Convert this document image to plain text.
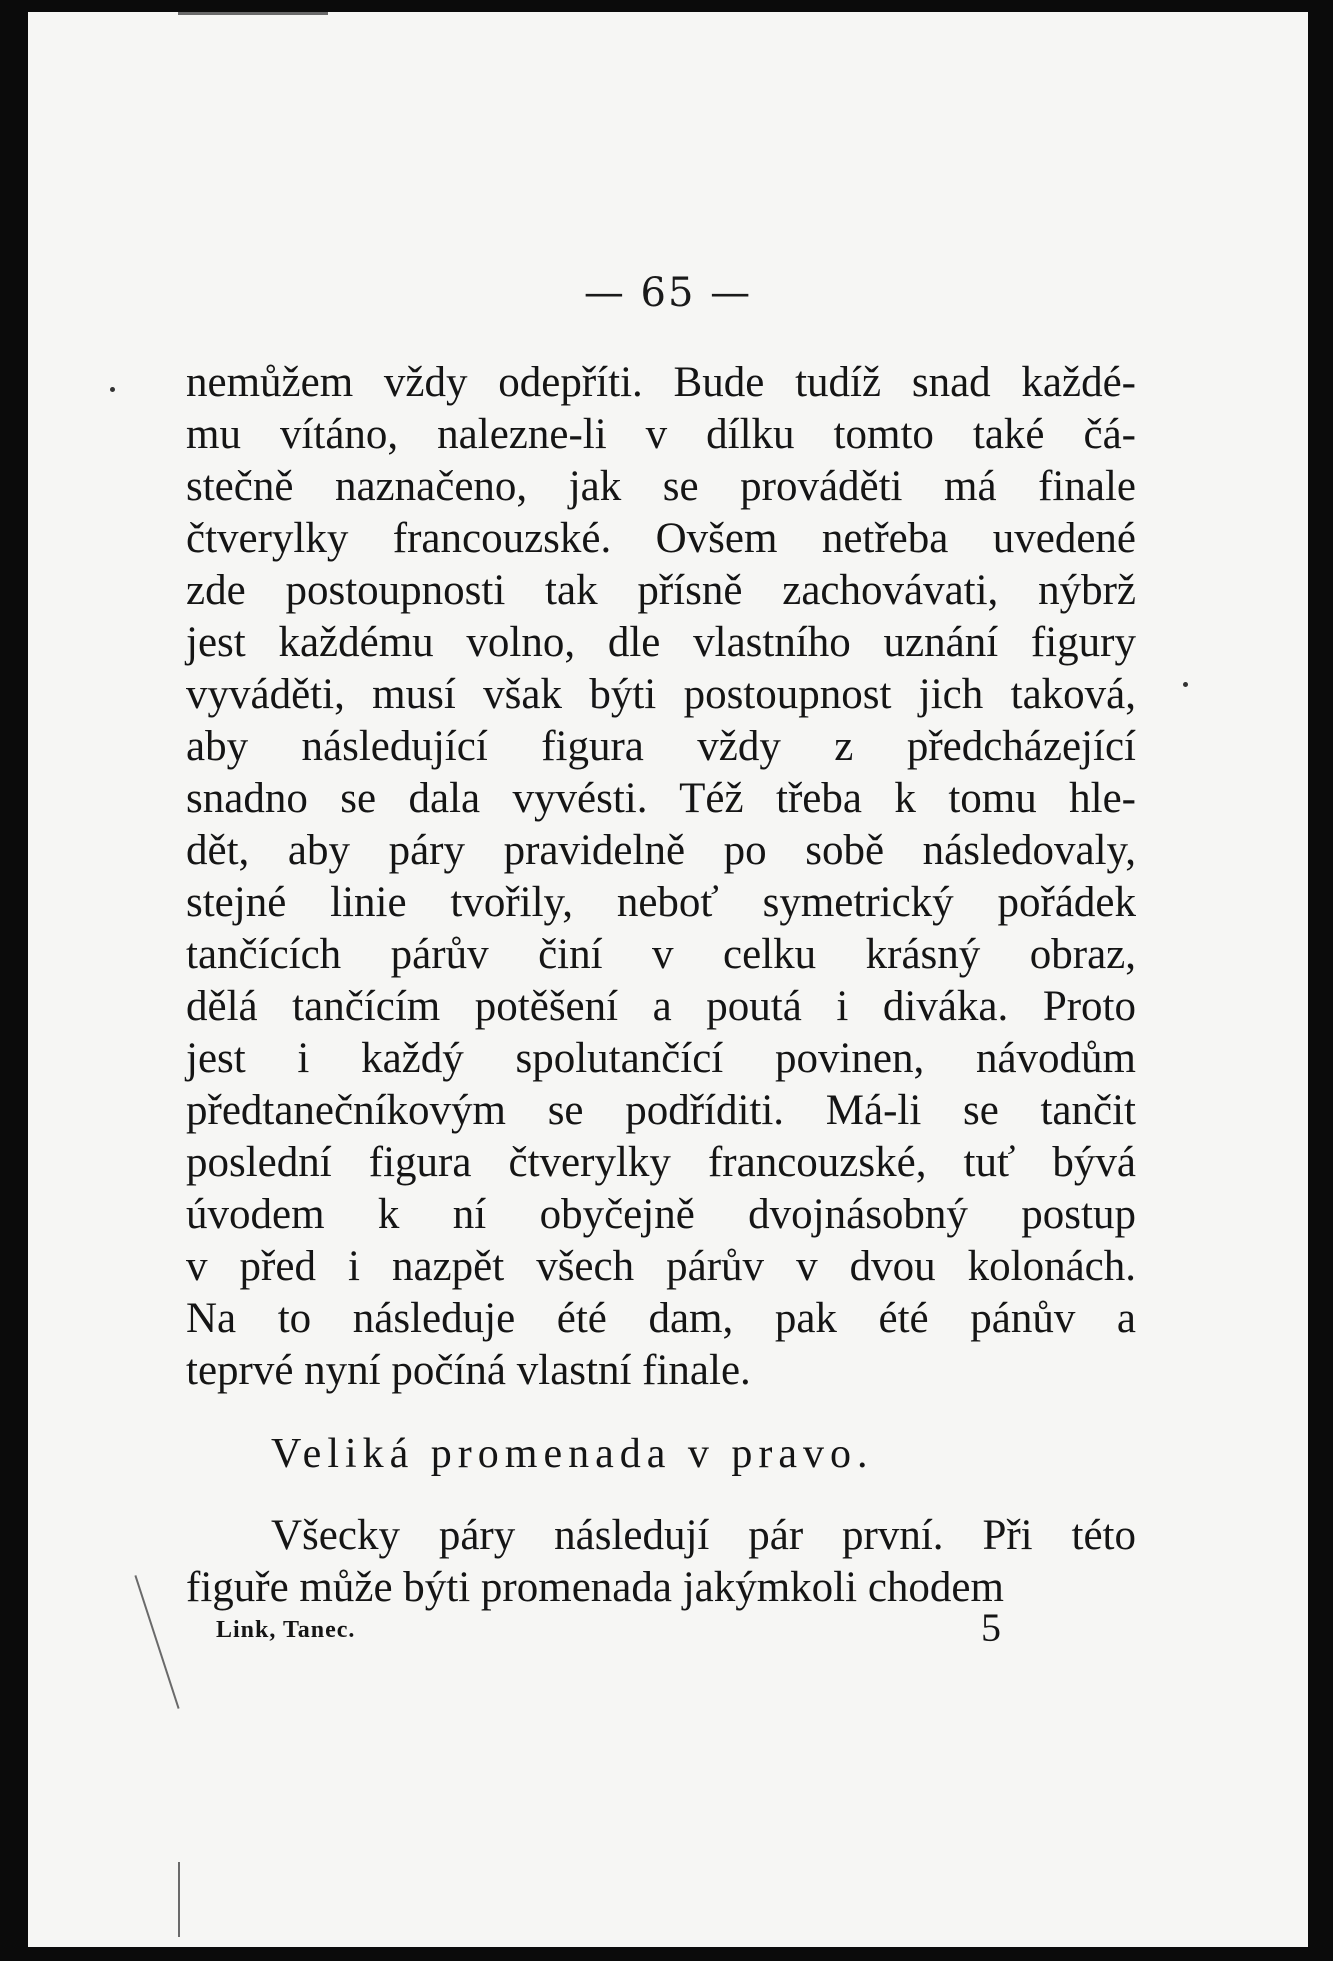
— 65 —
nemůžem vždy odepříti. Bude tudíž snad každé-
mu vítáno, nalezne-li v dílku tomto také čá-
stečně naznačeno, jak se prováděti má finale
čtverylky francouzské. Ovšem netřeba uvedené
zde postoupnosti tak přísně zachovávati, nýbrž
jest každému volno, dle vlastního uznání figury
vyváděti, musí však býti postoupnost jich taková,
aby následující figura vždy z předcházející
snadno se dala vyvésti. Též třeba k tomu hle-
dět, aby páry pravidelně po sobě následovaly,
stejné linie tvořily, neboť symetrický pořádek
tančících párův činí v celku krásný obraz,
dělá tančícím potěšení a poutá i diváka. Proto
jest i každý spolutančící povinen, návodům
předtanečníkovým se podříditi. Má-li se tančit
poslední figura čtverylky francouzské, tuť bývá
úvodem k ní obyčejně dvojnásobný postup
v před i nazpět všech párův v dvou kolonách.
Na to následuje été dam, pak été pánův a
teprvé nyní počíná vlastní finale.
Veliká promenada v pravo.
Všecky páry následují pár první. Při této
figuře může býti promenada jakýmkoli chodem
Link, Tanec.	5
